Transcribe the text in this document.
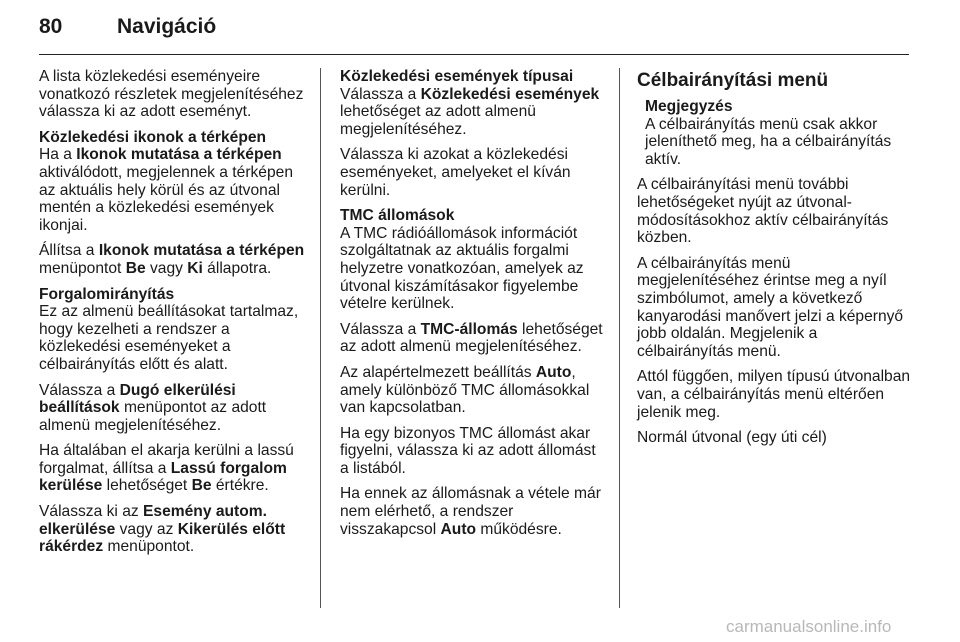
80	Navigáció

A lista közlekedési eseményeire vonatkozó részletek megjelenítéséhez válassza ki az adott eseményt.

Közlekedési ikonok a térképen
Ha a Ikonok mutatása a térképen aktiválódott, megjelennek a térképen az aktuális hely körül és az útvonal mentén a közlekedési események ikonjai.

Állítsa a Ikonok mutatása a térképen menüpontot Be vagy Ki állapotra.

Forgalomirányítás
Ez az almenü beállításokat tartalmaz, hogy kezelheti a rendszer a közlekedési eseményeket a célbairányítás előtt és alatt.

Válassza a Dugó elkerülési beállítások menüpontot az adott almenü megjelenítéséhez.

Ha általában el akarja kerülni a lassú forgalmat, állítsa a Lassú forgalom kerülése lehetőséget Be értékre.

Válassza ki az Esemény autom. elkerülése vagy az Kikerülés előtt rákérdez menüpontot.

Közlekedési események típusai
Válassza a Közlekedési események lehetőséget az adott almenü megjelenítéséhez.

Válassza ki azokat a közlekedési eseményeket, amelyeket el kíván kerülni.

TMC állomások
A TMC rádióállomások információt szolgáltatnak az aktuális forgalmi helyzetre vonatkozóan, amelyek az útvonal kiszámításakor figyelembe vételre kerülnek.

Válassza a TMC-állomás lehetőséget az adott almenü megjelenítéséhez.

Az alapértelmezett beállítás Auto, amely különböző TMC állomásokkal van kapcsolatban.

Ha egy bizonyos TMC állomást akar figyelni, válassza ki az adott állomást a listából.

Ha ennek az állomásnak a vétele már nem elérhető, a rendszer visszakapcsol Auto működésre.

Célbairányítási menü
Megjegyzés
A célbairányítás menü csak akkor jeleníthető meg, ha a célbairányítás aktív.

A célbairányítási menü további lehetőségeket nyújt az útvonal-módosításokhoz aktív célbairányítás közben.

A célbairányítás menü megjelenítéséhez érintse meg a nyíl szimbólumot, amely a következő kanyarodási manővert jelzi a képernyő jobb oldalán. Megjelenik a célbairányítás menü.

Attól függően, milyen típusú útvonalban van, a célbairányítás menü eltérően jelenik meg.

Normál útvonal (egy úti cél)

carmanualsonline.info
